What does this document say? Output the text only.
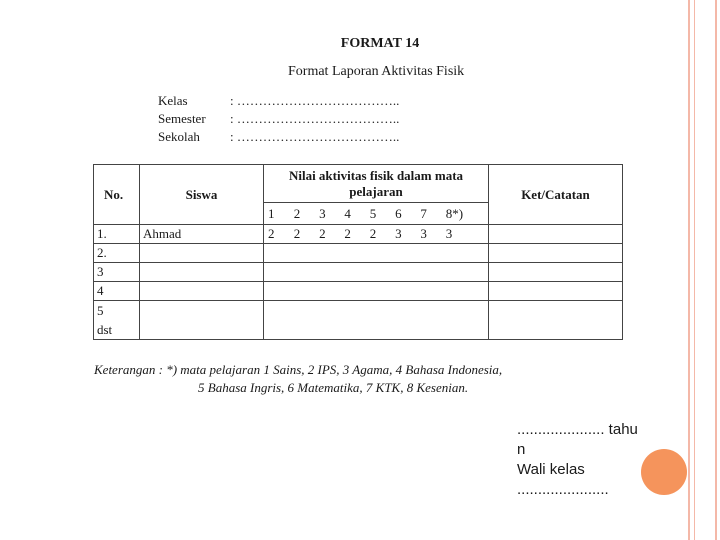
FORMAT 14
Format Laporan Aktivitas Fisik
Kelas	: ………………………………..
Semester : ………………………………..
Sekolah : ………………………………..
No.	Siswa	Nilai aktivitas fisik dalam mata pelajaran								Ket/Catatan
		1	2	3	4	5	6	7	8*)	
1.	Ahmad	2	2	2	2	2	3	3	3	
2.										
3										
4										

5
dst										

Keterangan : *) mata pelajaran 1 Sains, 2 IPS, 3 Agama, 4 Bahasa Indonesia,
5 Bahasa Ingris, 6 Matematika, 7 KTK, 8 Kesenian.
..................... tahu
n
Wali kelas
......................
